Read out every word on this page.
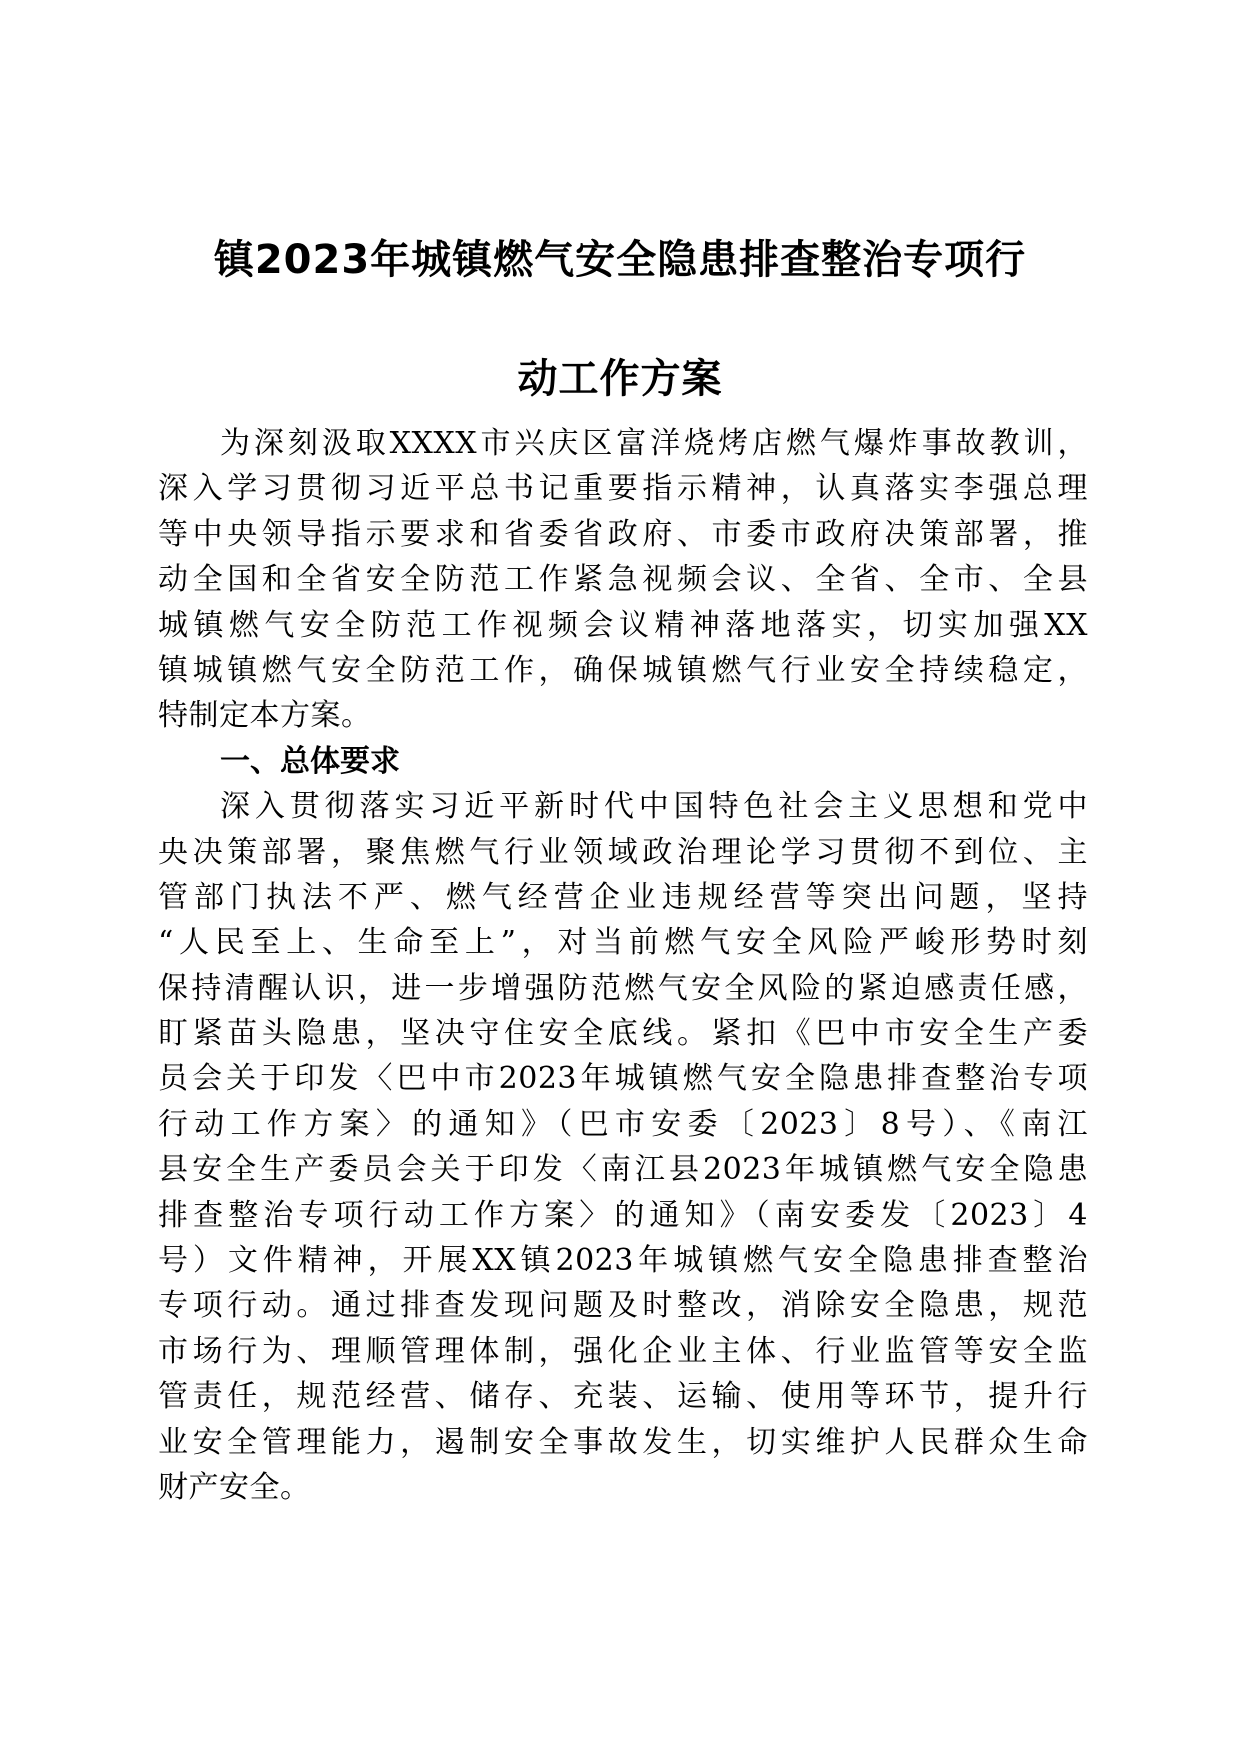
镇2023年城镇燃气安全隐患排查整治专项行
动工作方案
为深刻汲取XXXX市兴庆区富洋烧烤店燃气爆炸事故教训，
深入学习贯彻习近平总书记重要指示精神，认真落实李强总理
等中央领导指示要求和省委省政府、市委市政府决策部署，推
动全国和全省安全防范工作紧急视频会议、全省、全市、全县
城镇燃气安全防范工作视频会议精神落地落实，切实加强XX
镇城镇燃气安全防范工作，确保城镇燃气行业安全持续稳定，
特制定本方案。
一、总体要求
深入贯彻落实习近平新时代中国特色社会主义思想和党中
央决策部署，聚焦燃气行业领域政治理论学习贯彻不到位、主
管部门执法不严、燃气经营企业违规经营等突出问题，坚持
“人民至上、生命至上”，对当前燃气安全风险严峻形势时刻
保持清醒认识，进一步增强防范燃气安全风险的紧迫感责任感，
盯紧苗头隐患，坚决守住安全底线。紧扣《巴中市安全生产委
员会关于印发〈巴中市2023年城镇燃气安全隐患排查整治专项
行动工作方案〉的通知》（巴市安委〔2023〕8号）、《南江
县安全生产委员会关于印发〈南江县2023年城镇燃气安全隐患
排查整治专项行动工作方案〉的通知》（南安委发〔2023〕4
号）文件精神，开展XX镇2023年城镇燃气安全隐患排查整治
专项行动。通过排查发现问题及时整改，消除安全隐患，规范
市场行为、理顺管理体制，强化企业主体、行业监管等安全监
管责任，规范经营、储存、充装、运输、使用等环节，提升行
业安全管理能力，遏制安全事故发生，切实维护人民群众生命
财产安全。
